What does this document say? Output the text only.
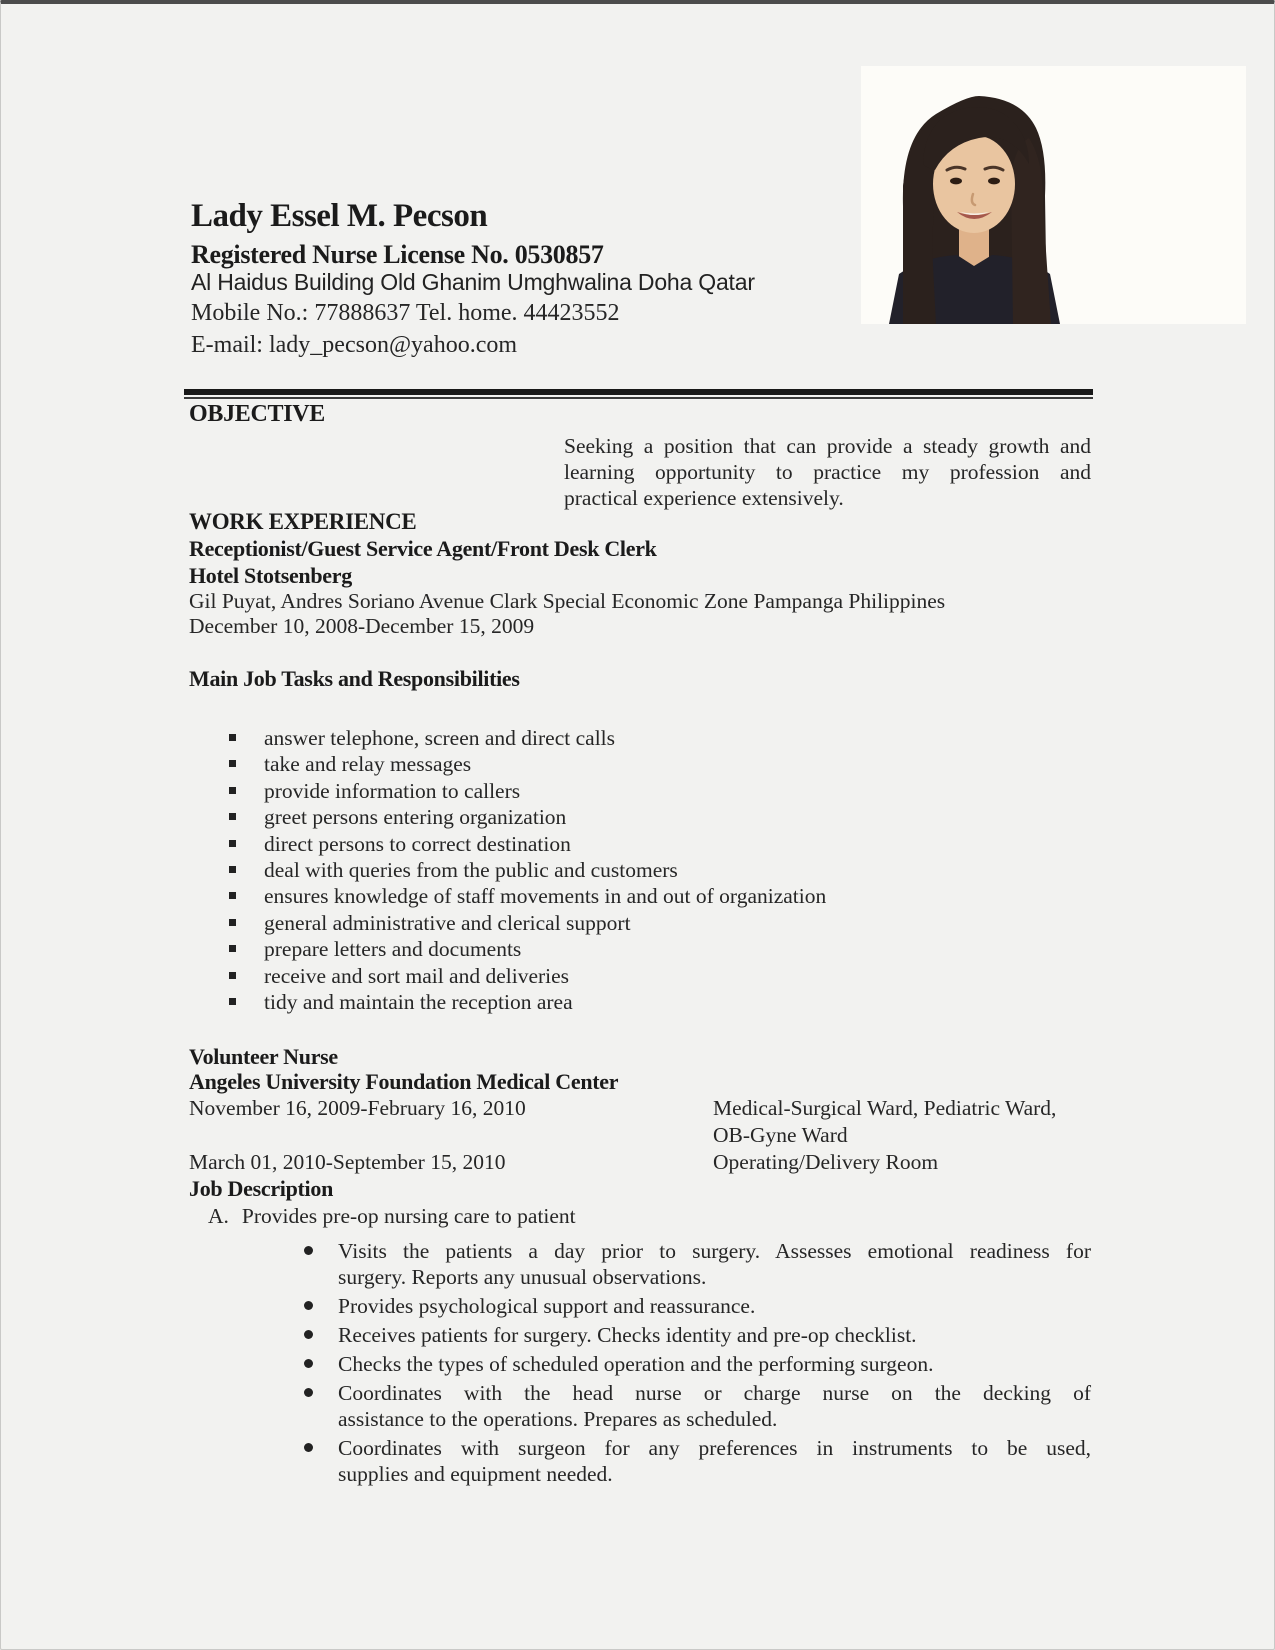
Lady Essel M. Pecson
Registered Nurse License No. 0530857
Al Haidus Building Old Ghanim Umghwalina Doha Qatar
Mobile No.: 77888637 Tel. home. 44423552
E-mail: lady_pecson@yahoo.com
OBJECTIVE
Seeking a position that can provide a steady growth and
learning opportunity to practice my profession and
practical experience extensively.
WORK EXPERIENCE
Receptionist/Guest Service Agent/Front Desk Clerk
Hotel Stotsenberg
Gil Puyat, Andres Soriano Avenue Clark Special Economic Zone Pampanga Philippines
December 10, 2008-December 15, 2009
Main Job Tasks and Responsibilities
answer telephone, screen and direct calls
take and relay messages
provide information to callers
greet persons entering organization
direct persons to correct destination
deal with queries from the public and customers
ensures knowledge of staff movements in and out of organization
general administrative and clerical support
prepare letters and documents
receive and sort mail and deliveries
tidy and maintain the reception area
Volunteer Nurse
Angeles University Foundation Medical Center
November 16, 2009-February 16, 2010	Medical-Surgical Ward, Pediatric Ward,
OB-Gyne Ward
March 01, 2010-September 15, 2010	Operating/Delivery Room
Job Description
A. Provides pre-op nursing care to patient
Visits the patients a day prior to surgery. Assesses emotional readiness for
surgery. Reports any unusual observations.
Provides psychological support and reassurance.
Receives patients for surgery. Checks identity and pre-op checklist.
Checks the types of scheduled operation and the performing surgeon.
Coordinates with the head nurse or charge nurse on the decking of
assistance to the operations. Prepares as scheduled.
Coordinates with surgeon for any preferences in instruments to be used,
supplies and equipment needed.
